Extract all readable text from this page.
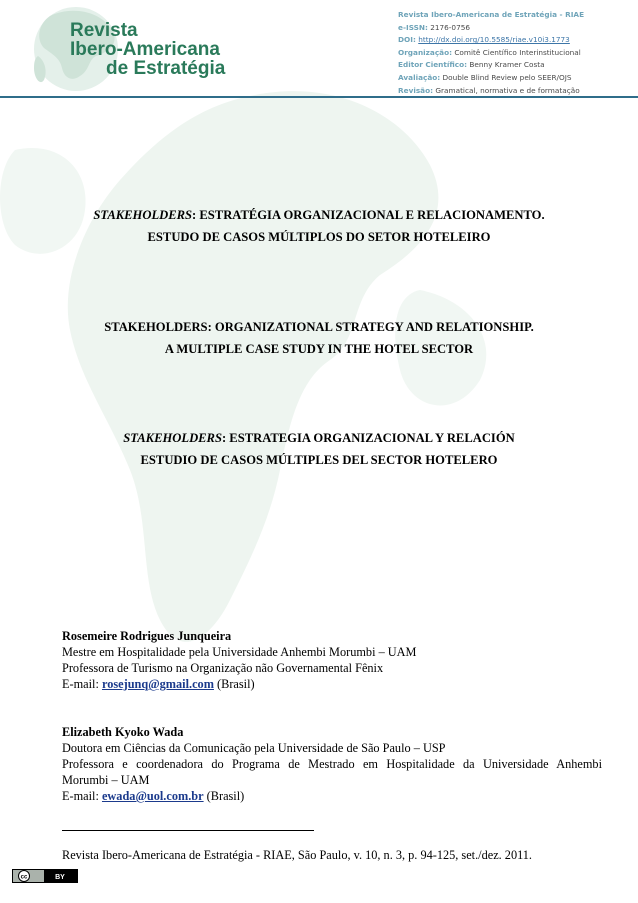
Revista
Ibero-Americana
de Estratégia
Revista Ibero-Americana de Estratégia - RIAE
e-ISSN: 2176-0756
DOI: http://dx.doi.org/10.5585/riae.v10i3.1773
Organização: Comitê Científico Interinstitucional
Editor Científico: Benny Kramer Costa
Avaliação: Double Blind Review pelo SEER/OJS
Revisão: Gramatical, normativa e de formatação
STAKEHOLDERS: ESTRATÉGIA ORGANIZACIONAL E RELACIONAMENTO.
ESTUDO DE CASOS MÚLTIPLOS DO SETOR HOTELEIRO
STAKEHOLDERS: ORGANIZATIONAL STRATEGY AND RELATIONSHIP.
A MULTIPLE CASE STUDY IN THE HOTEL SECTOR
STAKEHOLDERS: ESTRATEGIA ORGANIZACIONAL Y RELACIÓN
ESTUDIO DE CASOS MÚLTIPLES DEL SECTOR HOTELERO
Rosemeire Rodrigues Junqueira
Mestre em Hospitalidade pela Universidade Anhembi Morumbi – UAM
Professora de Turismo na Organização não Governamental Fênix
E-mail: rosejunq@gmail.com (Brasil)
Elizabeth Kyoko Wada
Doutora em Ciências da Comunicação pela Universidade de São Paulo – USP
Professora e coordenadora do Programa de Mestrado em Hospitalidade da Universidade Anhembi
Morumbi – UAM
E-mail: ewada@uol.com.br (Brasil)
Revista Ibero-Americana de Estratégia - RIAE, São Paulo, v. 10, n. 3, p. 94-125, set./dez. 2011.
cc	BY
